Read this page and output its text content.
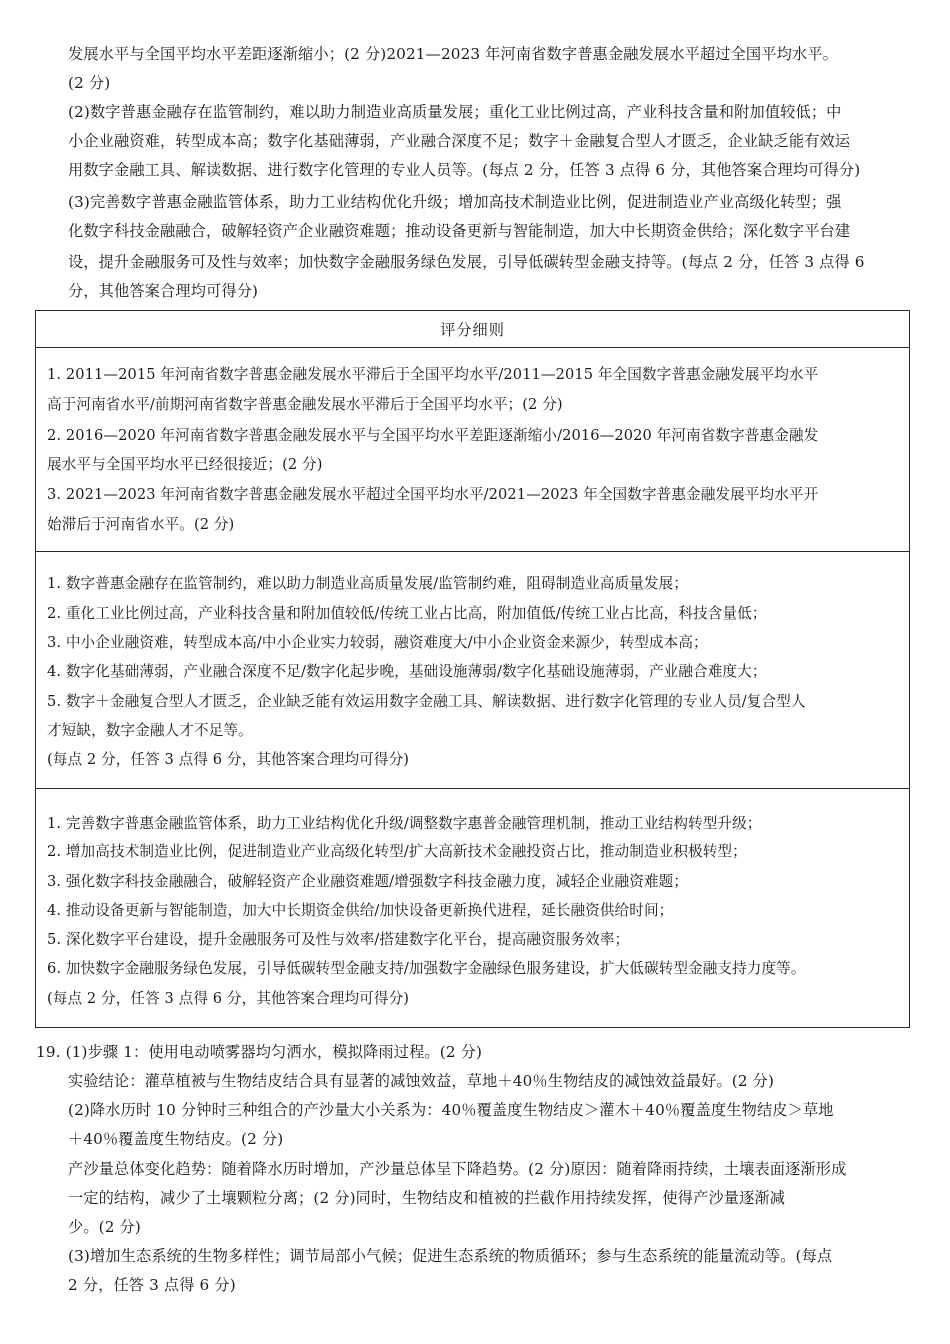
发展水平与全国平均水平差距逐渐缩小；(2 分)2021—2023 年河南省数字普惠金融发展水平超过全国平均水平。
(2 分)
(2)数字普惠金融存在监管制约，难以助力制造业高质量发展；重化工业比例过高，产业科技含量和附加值较低；中
小企业融资难，转型成本高；数字化基础薄弱，产业融合深度不足；数字＋金融复合型人才匮乏，企业缺乏能有效运
用数字金融工具、解读数据、进行数字化管理的专业人员等。(每点 2 分，任答 3 点得 6 分，其他答案合理均可得分)
(3)完善数字普惠金融监管体系，助力工业结构优化升级；增加高技术制造业比例，促进制造业产业高级化转型；强
化数字科技金融融合，破解轻资产企业融资难题；推动设备更新与智能制造，加大中长期资金供给；深化数字平台建
设，提升金融服务可及性与效率；加快数字金融服务绿色发展，引导低碳转型金融支持等。(每点 2 分，任答 3 点得 6
分，其他答案合理均可得分)
评分细则
1. 2011—2015 年河南省数字普惠金融发展水平滞后于全国平均水平/2011—2015 年全国数字普惠金融发展平均水平
高于河南省水平/前期河南省数字普惠金融发展水平滞后于全国平均水平；(2 分)
2. 2016—2020 年河南省数字普惠金融发展水平与全国平均水平差距逐渐缩小/2016—2020 年河南省数字普惠金融发
展水平与全国平均水平已经很接近；(2 分)
3. 2021—2023 年河南省数字普惠金融发展水平超过全国平均水平/2021—2023 年全国数字普惠金融发展平均水平开
始滞后于河南省水平。(2 分)
1. 数字普惠金融存在监管制约，难以助力制造业高质量发展/监管制约难，阻碍制造业高质量发展；
2. 重化工业比例过高，产业科技含量和附加值较低/传统工业占比高，附加值低/传统工业占比高，科技含量低；
3. 中小企业融资难，转型成本高/中小企业实力较弱，融资难度大/中小企业资金来源少，转型成本高；
4. 数字化基础薄弱，产业融合深度不足/数字化起步晚，基础设施薄弱/数字化基础设施薄弱，产业融合难度大；
5. 数字＋金融复合型人才匮乏，企业缺乏能有效运用数字金融工具、解读数据、进行数字化管理的专业人员/复合型人
才短缺，数字金融人才不足等。
(每点 2 分，任答 3 点得 6 分，其他答案合理均可得分)
1. 完善数字普惠金融监管体系，助力工业结构优化升级/调整数字惠普金融管理机制，推动工业结构转型升级；
2. 增加高技术制造业比例，促进制造业产业高级化转型/扩大高新技术金融投资占比，推动制造业积极转型；
3. 强化数字科技金融融合，破解轻资产企业融资难题/增强数字科技金融力度，减轻企业融资难题；
4. 推动设备更新与智能制造，加大中长期资金供给/加快设备更新换代进程，延长融资供给时间；
5. 深化数字平台建设，提升金融服务可及性与效率/搭建数字化平台，提高融资服务效率；
6. 加快数字金融服务绿色发展，引导低碳转型金融支持/加强数字金融绿色服务建设，扩大低碳转型金融支持力度等。
(每点 2 分，任答 3 点得 6 分，其他答案合理均可得分)
19. (1)步骤 1：使用电动喷雾器均匀洒水，模拟降雨过程。(2 分)
实验结论：灌草植被与生物结皮结合具有显著的减蚀效益，草地＋40％生物结皮的减蚀效益最好。(2 分)
(2)降水历时 10 分钟时三种组合的产沙量大小关系为：40％覆盖度生物结皮＞灌木＋40％覆盖度生物结皮＞草地
＋40％覆盖度生物结皮。(2 分)
产沙量总体变化趋势：随着降水历时增加，产沙量总体呈下降趋势。(2 分)原因：随着降雨持续，土壤表面逐渐形成
一定的结构，减少了土壤颗粒分离；(2 分)同时，生物结皮和植被的拦截作用持续发挥，使得产沙量逐渐减
少。(2 分)
(3)增加生态系统的生物多样性；调节局部小气候；促进生态系统的物质循环；参与生态系统的能量流动等。(每点
2 分，任答 3 点得 6 分)
